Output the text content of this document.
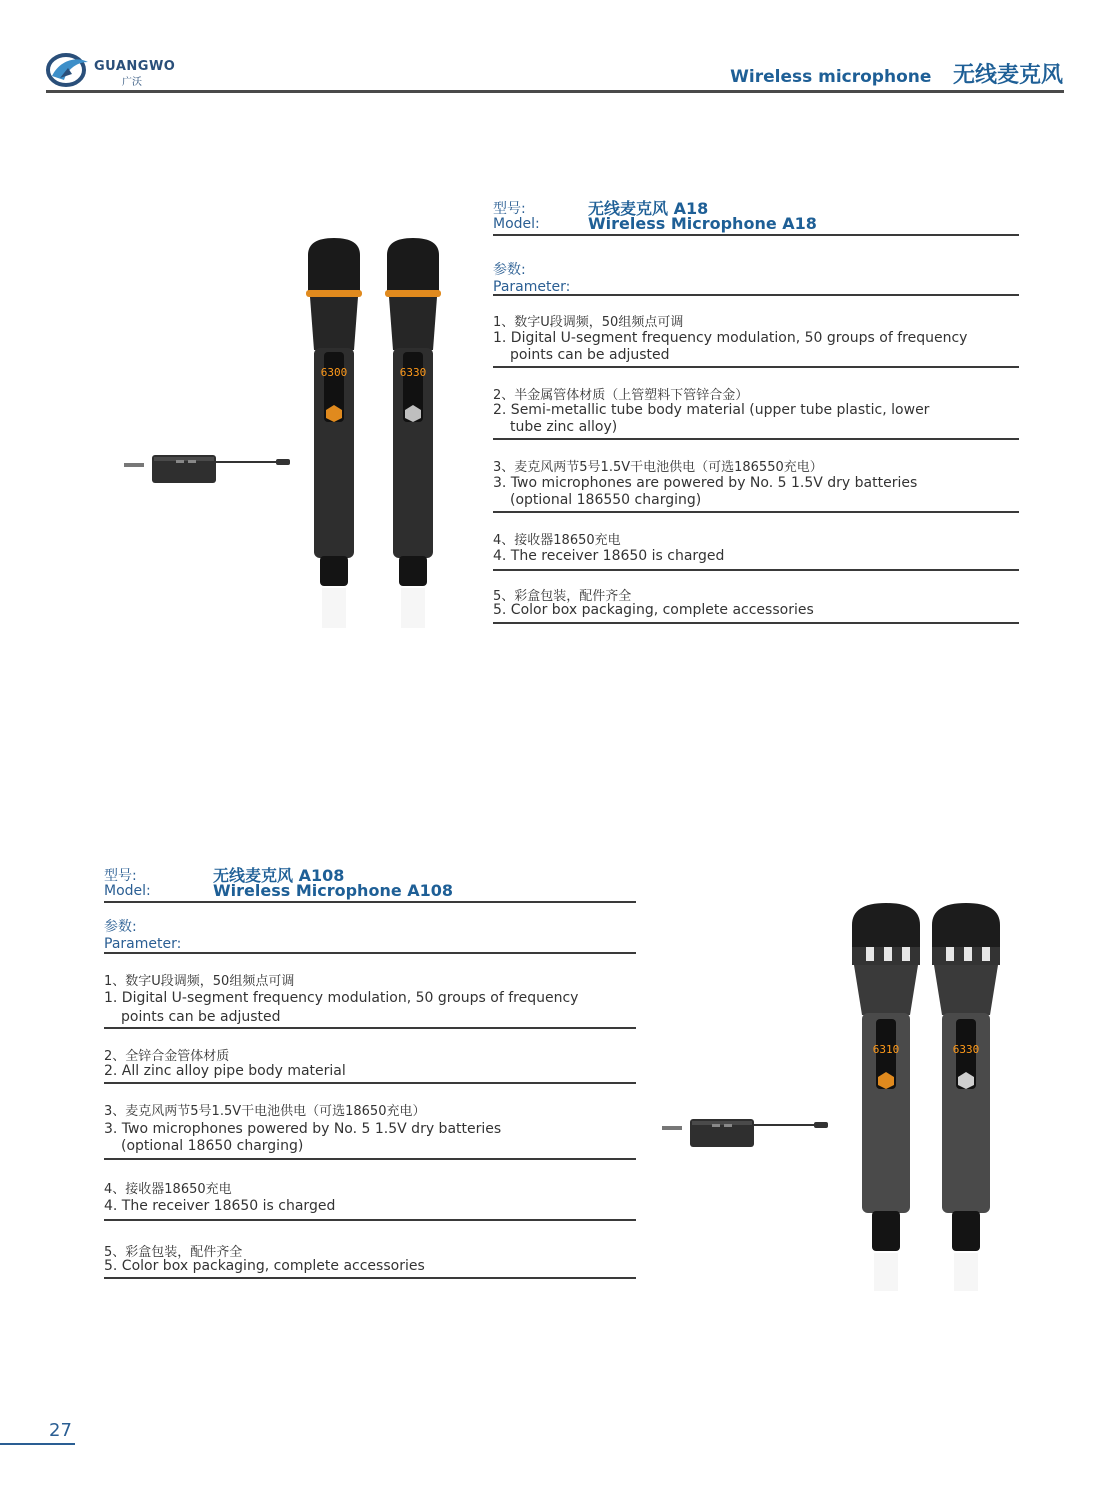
GUANGWO
广沃	Wireless microphone 无线麦克风
6300	6330
型号:
Model:
无线麦克风 A18
Wireless Microphone A18
参数:
Parameter:
1、数字U段调频，50组频点可调
1. Digital U-segment frequency modulation, 50 groups of frequency
points can be adjusted
2、半金属管体材质（上管塑料下管锌合金）
2. Semi-metallic tube body material (upper tube plastic, lower
tube zinc alloy)
3、麦克风两节5号1.5V干电池供电（可选186550充电）
3. Two microphones are powered by No. 5 1.5V dry batteries
(optional 186550 charging)
4、接收器18650充电
4. The receiver 18650 is charged
5、彩盒包装，配件齐全
5. Color box packaging, complete accessories
型号:
Model:
无线麦克风 A108
Wireless Microphone A108
参数:
Parameter:
1、数字U段调频，50组频点可调
1. Digital U-segment frequency modulation, 50 groups of frequency
points can be adjusted
2、全锌合金管体材质
2. All zinc alloy pipe body material
3、麦克风两节5号1.5V干电池供电（可选18650充电）
3. Two microphones powered by No. 5 1.5V dry batteries
(optional 18650 charging)
4、接收器18650充电
4. The receiver 18650 is charged
5、彩盒包装，配件齐全
5. Color box packaging, complete accessories
6310	6330
27
